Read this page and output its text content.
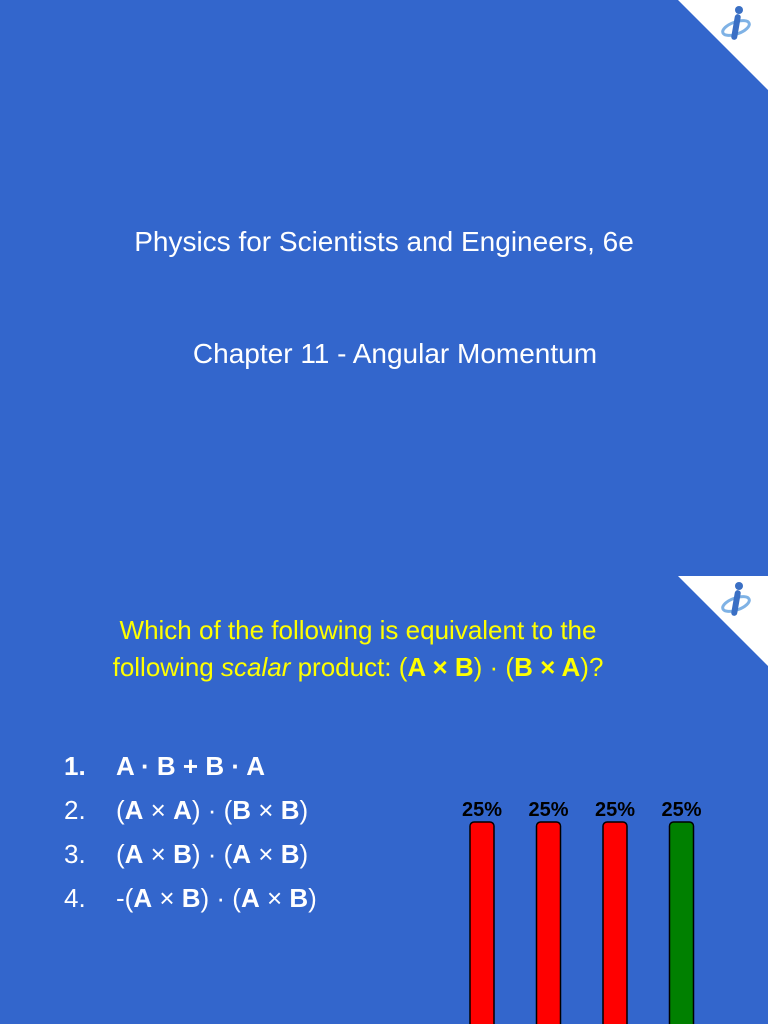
Physics for Scientists and Engineers, 6e
Chapter 11 - Angular Momentum
Which of the following is equivalent to the
following scalar product: (A × B) · (B × A)?
1. A · B + B · A
2. (A × A) · (B × B)
3. (A × B) · (A × B)
4. -(A × B) · (A × B)
25% 25% 25% 25%
